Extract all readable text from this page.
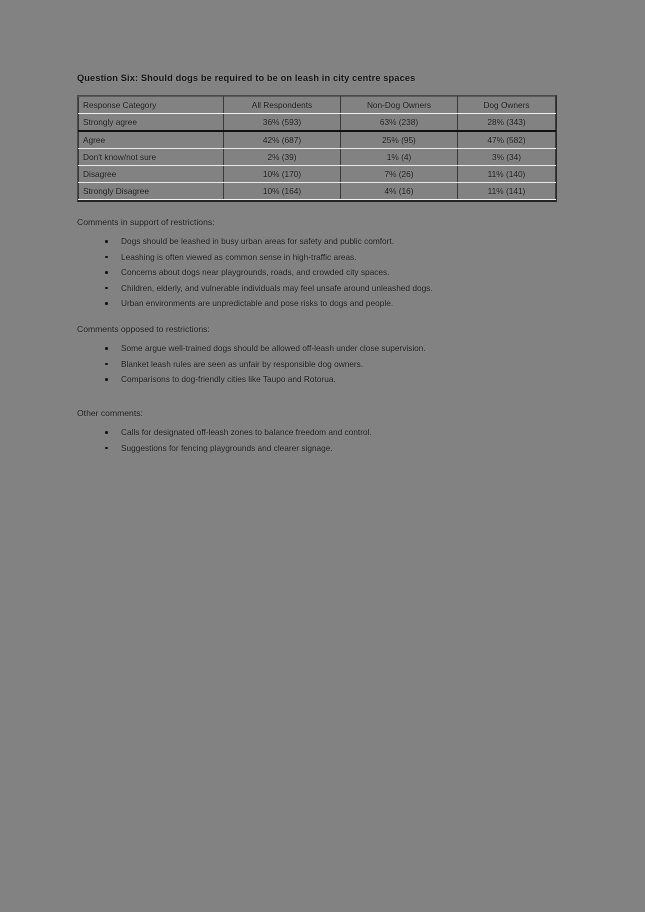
Question Six: Should dogs be required to be on leash in city centre spaces
Response Category	All Respondents	Non-Dog Owners	Dog Owners
Strongly agree	36% (593)	63% (238)	28% (343)
Agree	42% (687)	25% (95)	47% (582)
Don't know/not sure	2% (39)	1% (4)	3% (34)
Disagree	10% (170)	7% (26)	11% (140)
Strongly Disagree	10% (164)	4% (16)	11% (141)

Comments in support of restrictions:

Dogs should be leashed in busy urban areas for safety and public comfort.
Leashing is often viewed as common sense in high-traffic areas.
Concerns about dogs near playgrounds, roads, and crowded city spaces.
Children, elderly, and vulnerable individuals may feel unsafe around unleashed dogs.
Urban environments are unpredictable and pose risks to dogs and people.

Comments opposed to restrictions:

Some argue well-trained dogs should be allowed off-leash under close supervision.
Blanket leash rules are seen as unfair by responsible dog owners.
Comparisons to dog-friendly cities like Taupo and Rotorua.

Other comments:

Calls for designated off-leash zones to balance freedom and control.
Suggestions for fencing playgrounds and clearer signage.
